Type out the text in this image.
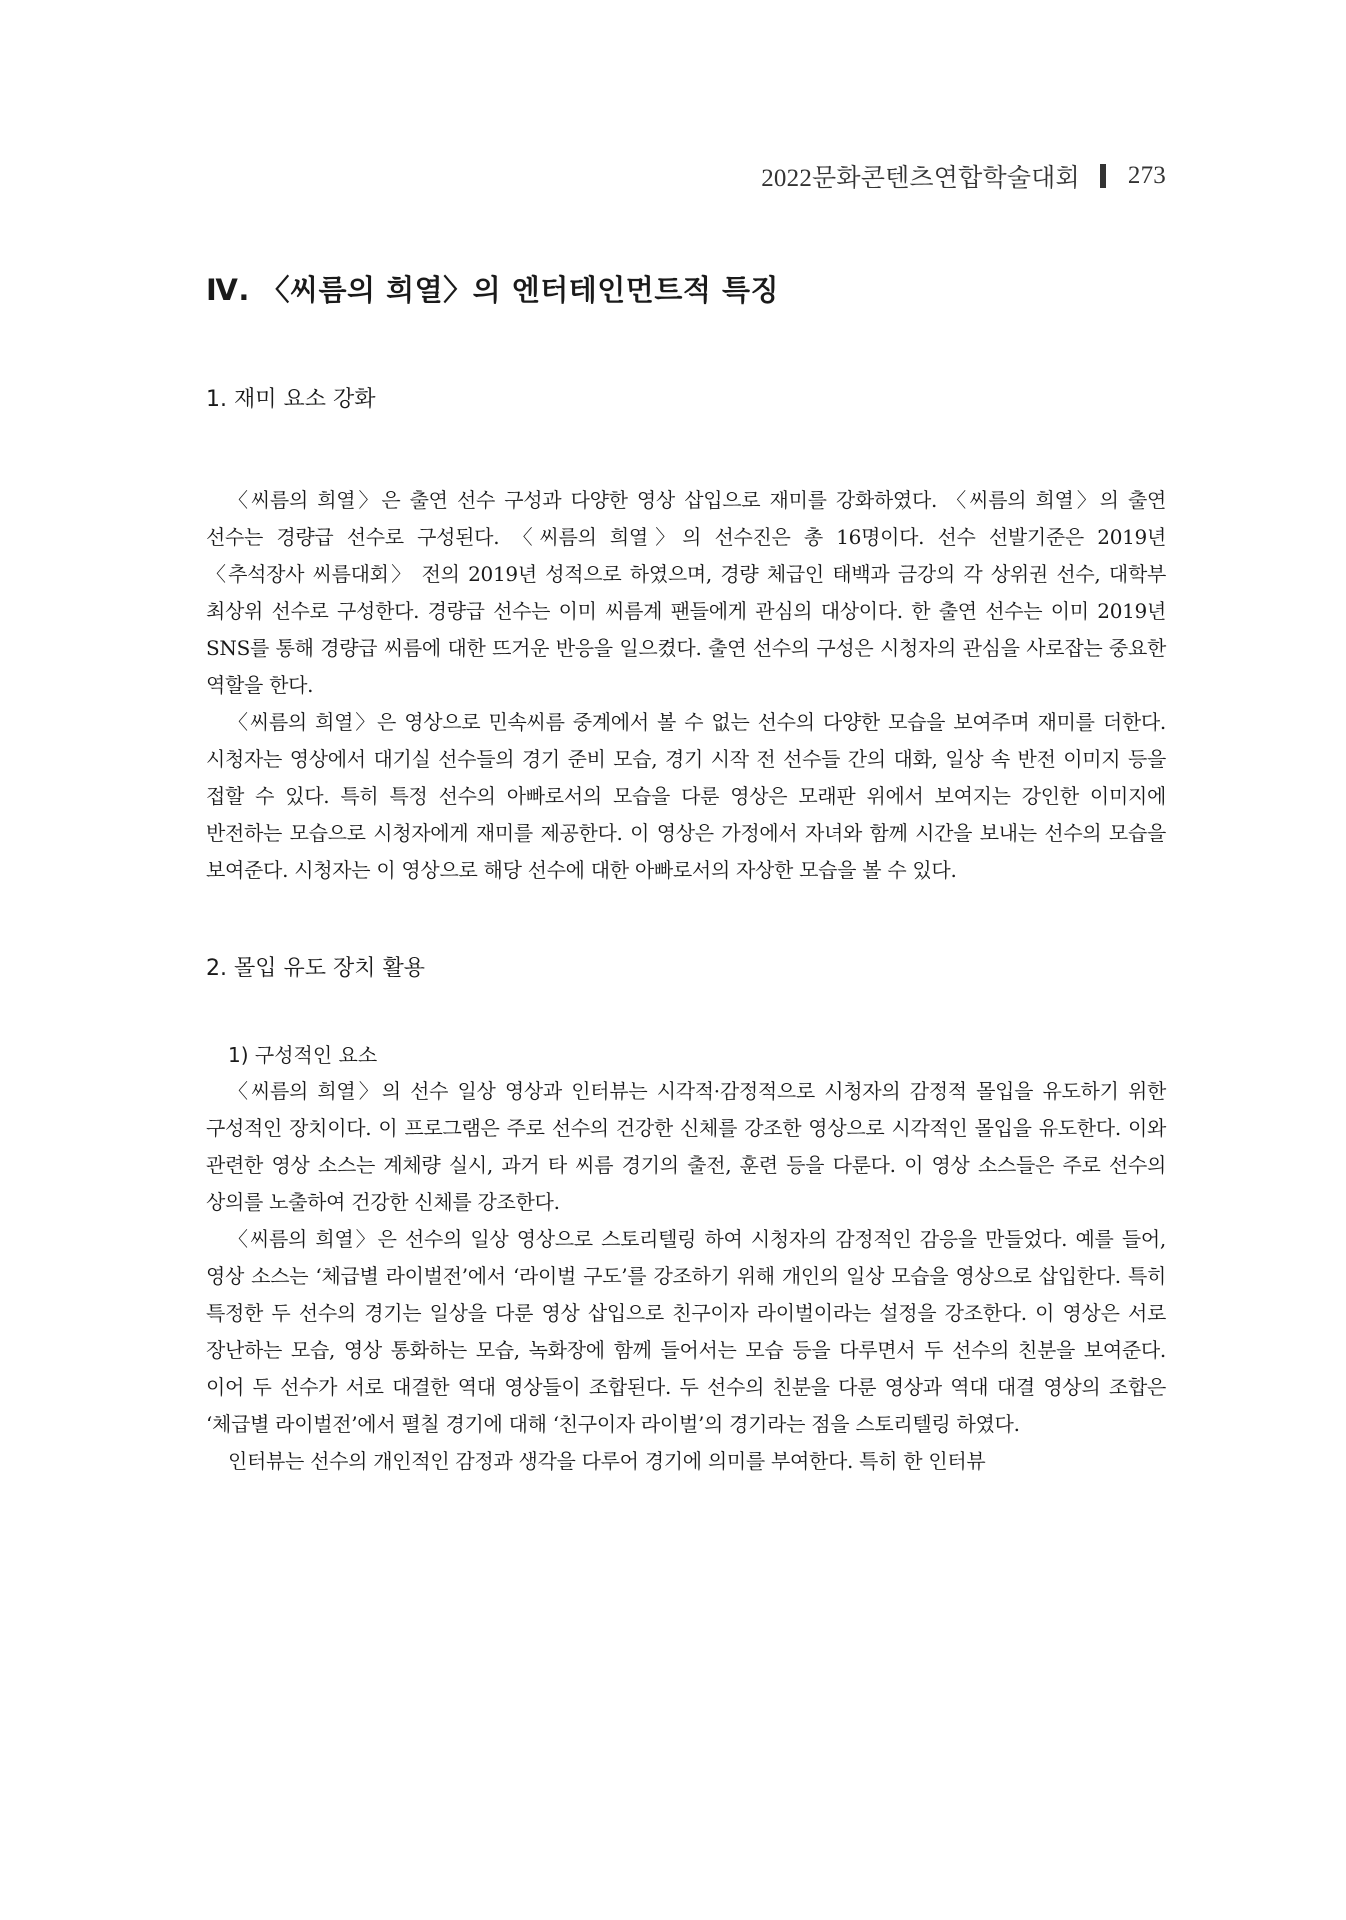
2022문화콘텐츠연합학술대회 273
Ⅳ. 〈씨름의 희열〉의 엔터테인먼트적 특징
1. 재미 요소 강화

〈씨름의 희열〉은 출연 선수 구성과 다양한 영상 삽입으로 재미를 강화하였다. 〈씨름의 희열〉의 출연 선수는 경량급 선수로 구성된다. 〈씨름의 희열〉의 선수진은 총 16명이다. 선수 선발기준은 2019년 〈추석장사 씨름대회〉 전의 2019년 성적으로 하였으며, 경량 체급인 태백과 금강의 각 상위권 선수, 대학부 최상위 선수로 구성한다. 경량급 선수는 이미 씨름계 팬들에게 관심의 대상이다. 한 출연 선수는 이미 2019년 SNS를 통해 경량급 씨름에 대한 뜨거운 반응을 일으켰다. 출연 선수의 구성은 시청자의 관심을 사로잡는 중요한 역할을 한다.

〈씨름의 희열〉은 영상으로 민속씨름 중계에서 볼 수 없는 선수의 다양한 모습을 보여주며 재미를 더한다. 시청자는 영상에서 대기실 선수들의 경기 준비 모습, 경기 시작 전 선수들 간의 대화, 일상 속 반전 이미지 등을 접할 수 있다. 특히 특정 선수의 아빠로서의 모습을 다룬 영상은 모래판 위에서 보여지는 강인한 이미지에 반전하는 모습으로 시청자에게 재미를 제공한다. 이 영상은 가정에서 자녀와 함께 시간을 보내는 선수의 모습을 보여준다. 시청자는 이 영상으로 해당 선수에 대한 아빠로서의 자상한 모습을 볼 수 있다.

2. 몰입 유도 장치 활용
1) 구성적인 요소

〈씨름의 희열〉의 선수 일상 영상과 인터뷰는 시각적·감정적으로 시청자의 감정적 몰입을 유도하기 위한 구성적인 장치이다. 이 프로그램은 주로 선수의 건강한 신체를 강조한 영상으로 시각적인 몰입을 유도한다. 이와 관련한 영상 소스는 계체량 실시, 과거 타 씨름 경기의 출전, 훈련 등을 다룬다. 이 영상 소스들은 주로 선수의 상의를 노출하여 건강한 신체를 강조한다.

〈씨름의 희열〉은 선수의 일상 영상으로 스토리텔링 하여 시청자의 감정적인 감응을 만들었다. 예를 들어, 영상 소스는 ‘체급별 라이벌전’에서 ‘라이벌 구도’를 강조하기 위해 개인의 일상 모습을 영상으로 삽입한다. 특히 특정한 두 선수의 경기는 일상을 다룬 영상 삽입으로 친구이자 라이벌이라는 설정을 강조한다. 이 영상은 서로 장난하는 모습, 영상 통화하는 모습, 녹화장에 함께 들어서는 모습 등을 다루면서 두 선수의 친분을 보여준다. 이어 두 선수가 서로 대결한 역대 영상들이 조합된다. 두 선수의 친분을 다룬 영상과 역대 대결 영상의 조합은 ‘체급별 라이벌전’에서 펼칠 경기에 대해 ‘친구이자 라이벌’의 경기라는 점을 스토리텔링 하였다.

인터뷰는 선수의 개인적인 감정과 생각을 다루어 경기에 의미를 부여한다. 특히 한 인터뷰
